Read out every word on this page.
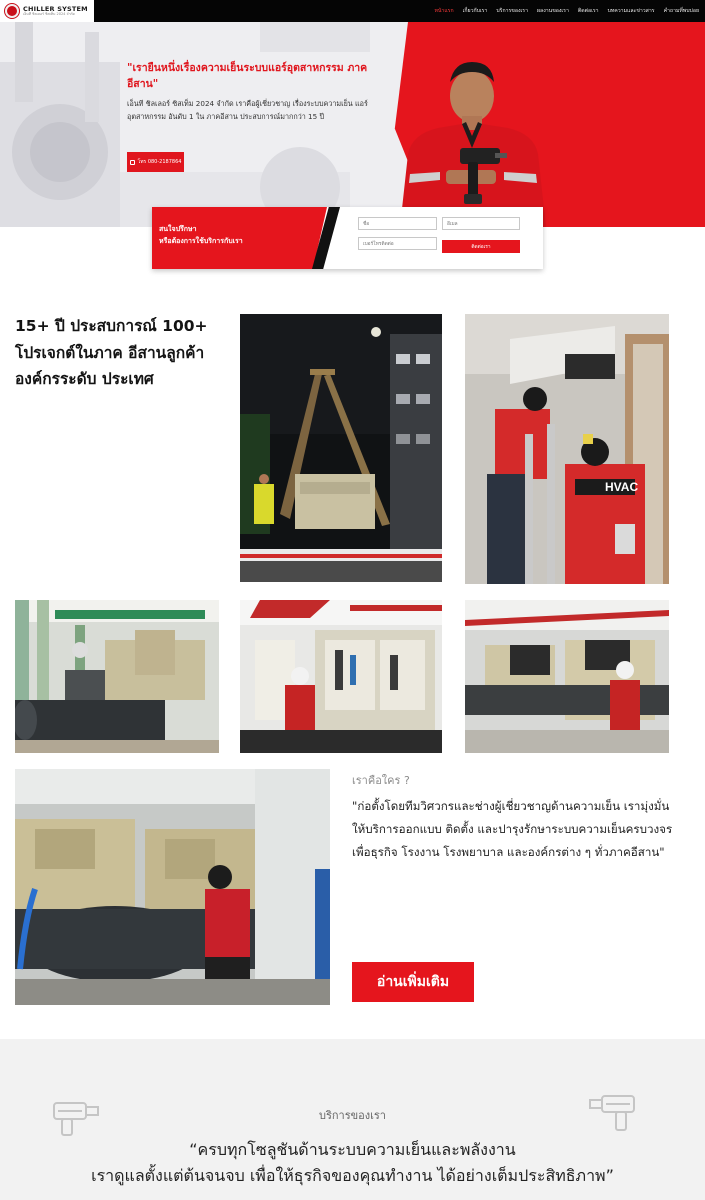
CHILLER SYSTEM
เอ็นที ชิลเลอร์ ซิสเท็ม 2024 จำกัด	หน้าแรก เกี่ยวกับเรา บริการของเรา ผลงานของเรา ติดต่อเรา บทความและข่าวสาร คำถามที่พบบ่อย
"เรายืนหนึ่งเรื่องความเย็นระบบแอร์อุตสาหกรรม ภาคอีสาน"
เอ็นที ชิลเลอร์ ซิสเท็ม 2024 จำกัด เราคือผู้เชี่ยวชาญ เรื่องระบบความเย็น แอร์อุตสาหกรรม อันดับ 1 ใน ภาคอีสาน ประสบการณ์มากกว่า 15 ปี
โทร 080-2187864
สนใจปรึกษา
หรือต้องการใช้บริการกับเรา
ชื่อ	อีเมล
เบอร์โทรติดต่อ
ติดต่อเรา
15+ ปี ประสบการณ์ 100+ โปรเจกต์ในภาค อีสานลูกค้าองค์กรระดับ ประเทศ
HVAC
เราคือใคร ?
"ก่อตั้งโดยทีมวิศวกรและช่างผู้เชี่ยวชาญด้านความเย็น เรามุ่งมั่นให้บริการออกแบบ ติดตั้ง และปารุงรักษาระบบความเย็นครบวงจร เพื่อธุรกิจ โรงงาน โรงพยาบาล และองค์กรต่าง ๆ ทั่วภาคอีสาน"
อ่านเพิ่มเติม
บริการของเรา
“ครบทุกโซลูชันด้านระบบความเย็นและพลังงาน
เราดูแลตั้งแต่ต้นจนจบ เพื่อให้ธุรกิจของคุณทำงาน ได้อย่างเต็มประสิทธิภาพ”
